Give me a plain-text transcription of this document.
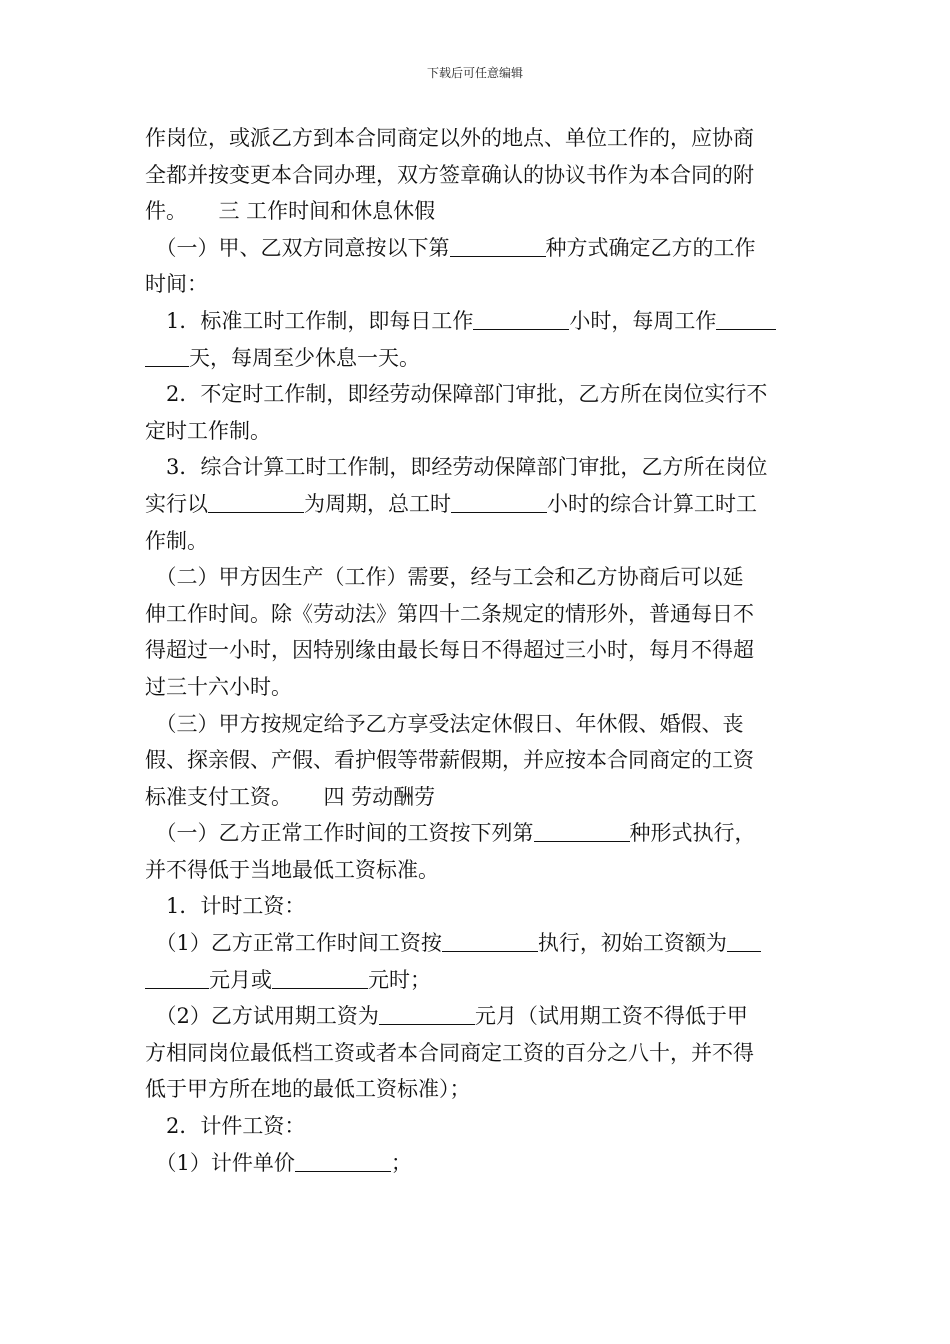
下载后可任意编辑
作岗位，或派乙方到本合同商定以外的地点、单位工作的，应协商
全都并按变更本合同办理，双方签章确认的协议书作为本合同的附
件。　　三 工作时间和休息休假
　（一）甲、乙双方同意按以下第	种方式确定乙方的工作
时间：
　1．标准工时工作制，即每日工作	小时，每周工作
天，每周至少休息一天。
　2．不定时工作制，即经劳动保障部门审批，乙方所在岗位实行不
定时工作制。
　3．综合计算工时工作制，即经劳动保障部门审批，乙方所在岗位
实行以	为周期，总工时	小时的综合计算工时工
作制。
　（二）甲方因生产（工作）需要，经与工会和乙方协商后可以延
伸工作时间。除《劳动法》第四十二条规定的情形外，普通每日不
得超过一小时，因特别缘由最长每日不得超过三小时，每月不得超
过三十六小时。
　（三）甲方按规定给予乙方享受法定休假日、年休假、婚假、丧
假、探亲假、产假、看护假等带薪假期，并应按本合同商定的工资
标准支付工资。　　四 劳动酬劳
　（一）乙方正常工作时间的工资按下列第	种形式执行，
并不得低于当地最低工资标准。
　1．计时工资：
　（1）乙方正常工作时间工资按	执行，初始工资额为
元月或	元时；
　（2）乙方试用期工资为	元月（试用期工资不得低于甲
方相同岗位最低档工资或者本合同商定工资的百分之八十，并不得
低于甲方所在地的最低工资标准）；
　2．计件工资：
　（1）计件单价	；
